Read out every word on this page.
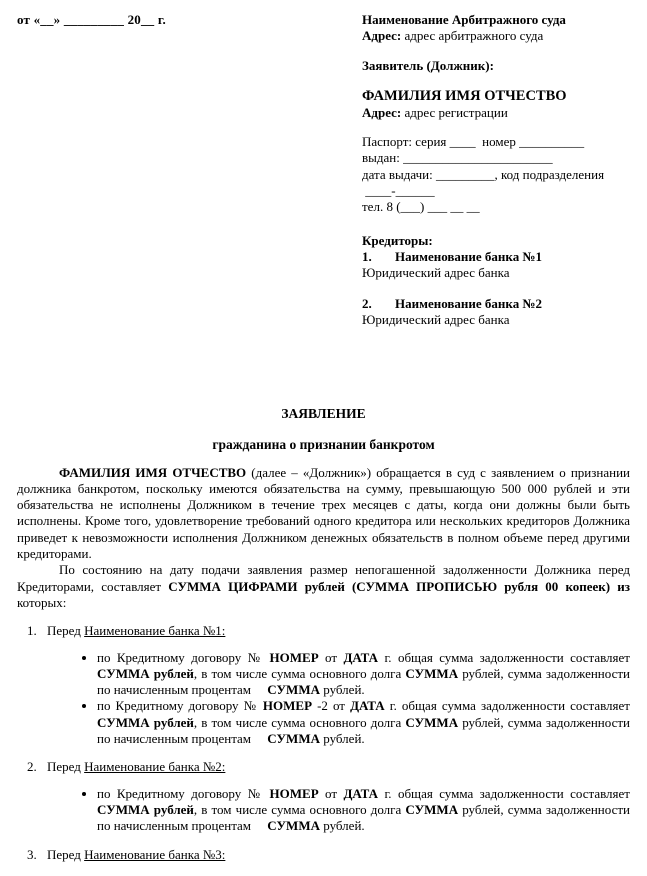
от «__» _________ 20__ г.	Наименование Арбитражного суда
Адрес: адрес арбитражного суда
Заявитель (Должник):
ФАМИЛИЯ ИМЯ ОТЧЕСТВО
Адрес: адрес регистрации
Паспорт: серия ____  номер __________
выдан: _______________________
дата выдачи: _________, код подразделения
____-______
тел. 8 (___) ___ __ __
Кредиторы:
1. Наименование банка №1
Юридический адрес банка
2. Наименование банка №2
Юридический адрес банка
ЗАЯВЛЕНИЕ
гражданина о признании банкротом

ФАМИЛИЯ ИМЯ ОТЧЕСТВО (далее – «Должник») обращается в суд с заявлением о признании должника банкротом, поскольку имеются обязательства на сумму, превышающую 500 000 рублей и эти обязательства не исполнены Должником в течение трех месяцев с даты, когда они должны были быть исполнены. Кроме того, удовлетворение требований одного кредитора или нескольких кредиторов Должника приведет к невозможности исполнения Должником денежных обязательств в полном объеме перед другими кредиторами.

По состоянию на дату подачи заявления размер непогашенной задолженности Должника перед Кредиторами, составляет СУММА ЦИФРАМИ рублей (СУММА ПРОПИСЬЮ рубля 00 копеек) из которых:

1. Перед Наименование банка №1:
• по Кредитному договору № НОМЕР от ДАТА г. общая сумма задолженности составляет СУММА рублей, в том числе сумма основного долга СУММА рублей, сумма задолженности по начисленным процентам     СУММА рублей.
• по Кредитному договору № НОМЕР -2 от ДАТА г. общая сумма задолженности составляет СУММА рублей, в том числе сумма основного долга СУММА рублей, сумма задолженности по начисленным процентам     СУММА рублей.
2. Перед Наименование банка №2:
• по Кредитному договору № НОМЕР от ДАТА г. общая сумма задолженности составляет СУММА рублей, в том числе сумма основного долга СУММА рублей, сумма задолженности по начисленным процентам     СУММА рублей.
3. Перед Наименование банка №3:
